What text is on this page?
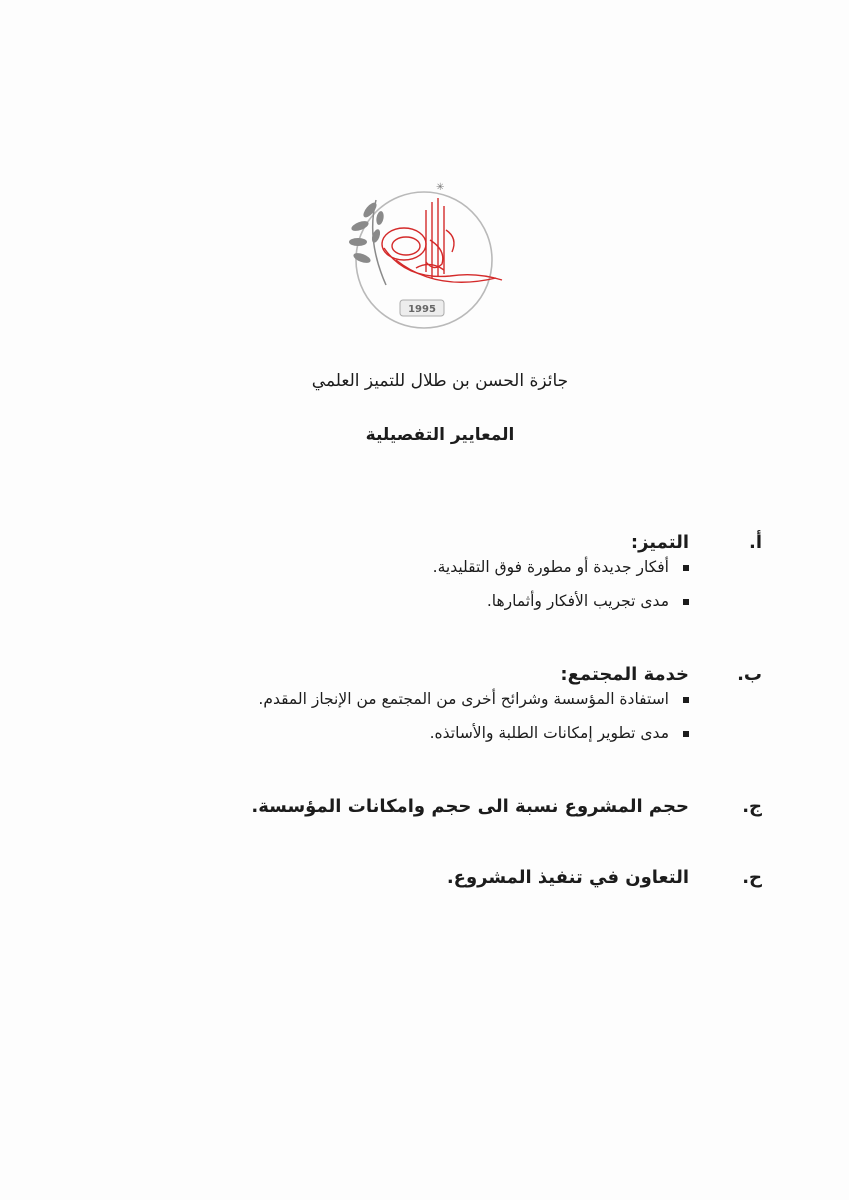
✳
1995
جائزة الحسن بن طلال للتميز العلمي
المعايير التفصيلية
أ.
التميز:
أفكار جديدة أو مطورة فوق التقليدية.
مدى تجريب الأفكار وأثمارها.
ب.
خدمة المجتمع:
استفادة المؤسسة وشرائح أخرى من المجتمع من الإنجاز المقدم.
مدى تطوير إمكانات الطلبة والأساتذه.
ج.
حجم المشروع نسبة الى حجم وامكانات المؤسسة.
ح.
التعاون في تنفيذ المشروع.
